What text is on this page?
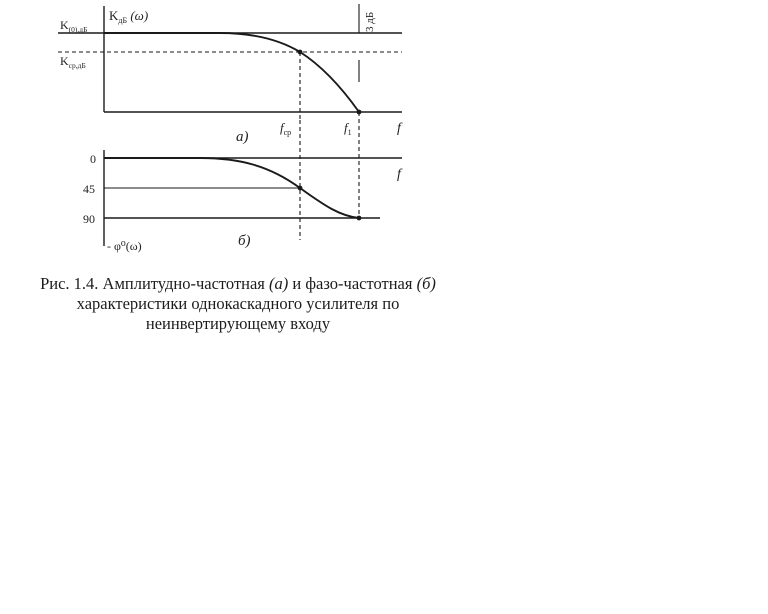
$K_{дБ}$ (ω)
$K_{(0),дБ}$
$K_{ср,дБ}$
3 дБ
$f_{ср}$	$f_1$	f
а)
0
45
90
f
- φ⁰(ω)	б)
Рис. 1.4. Амплитудно-частотная (а) и фазо-частотная (б) характеристики однокаскадного усилителя по неинвертирующему входу
